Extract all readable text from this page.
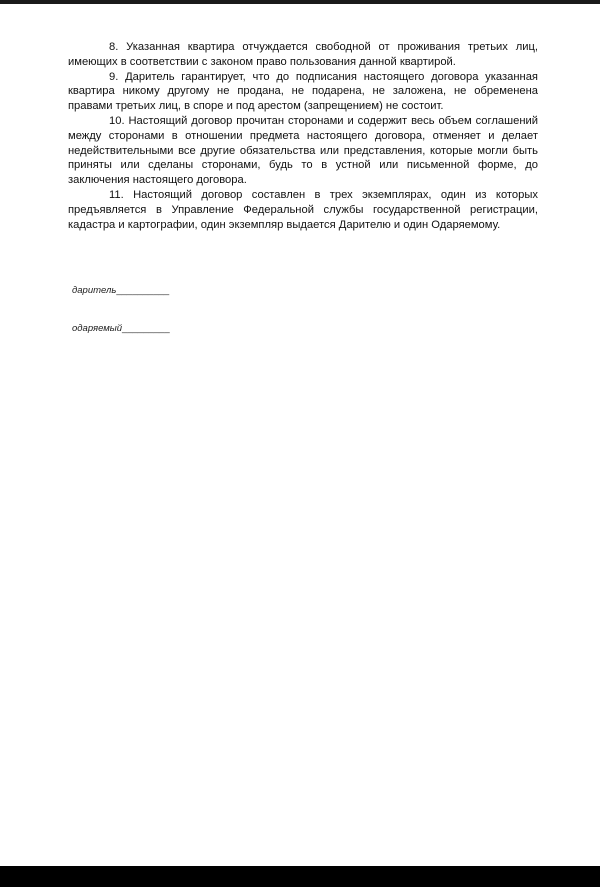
8. Указанная квартира отчуждается свободной от проживания третьих лиц, имеющих в соответствии с законом право пользования данной квартирой.

9. Даритель гарантирует, что до подписания настоящего договора указанная квартира никому другому не продана, не подарена, не заложена, не обременена правами третьих лиц, в споре и под арестом (запрещением) не состоит.

10. Настоящий договор прочитан сторонами и содержит весь объем соглашений между сторонами в отношении предмета настоящего договора, отменяет и делает недействительными все другие обязательства или представления, которые могли быть приняты или сделаны сторонами, будь то в устной или письменной форме, до заключения настоящего договора.

11. Настоящий договор составлен в трех экземплярах, один из которых предъявляется в Управление Федеральной службы государственной регистрации, кадастра и картографии, один экземпляр выдается Дарителю и один Одаряемому.

даритель__________
одаряемый_________
